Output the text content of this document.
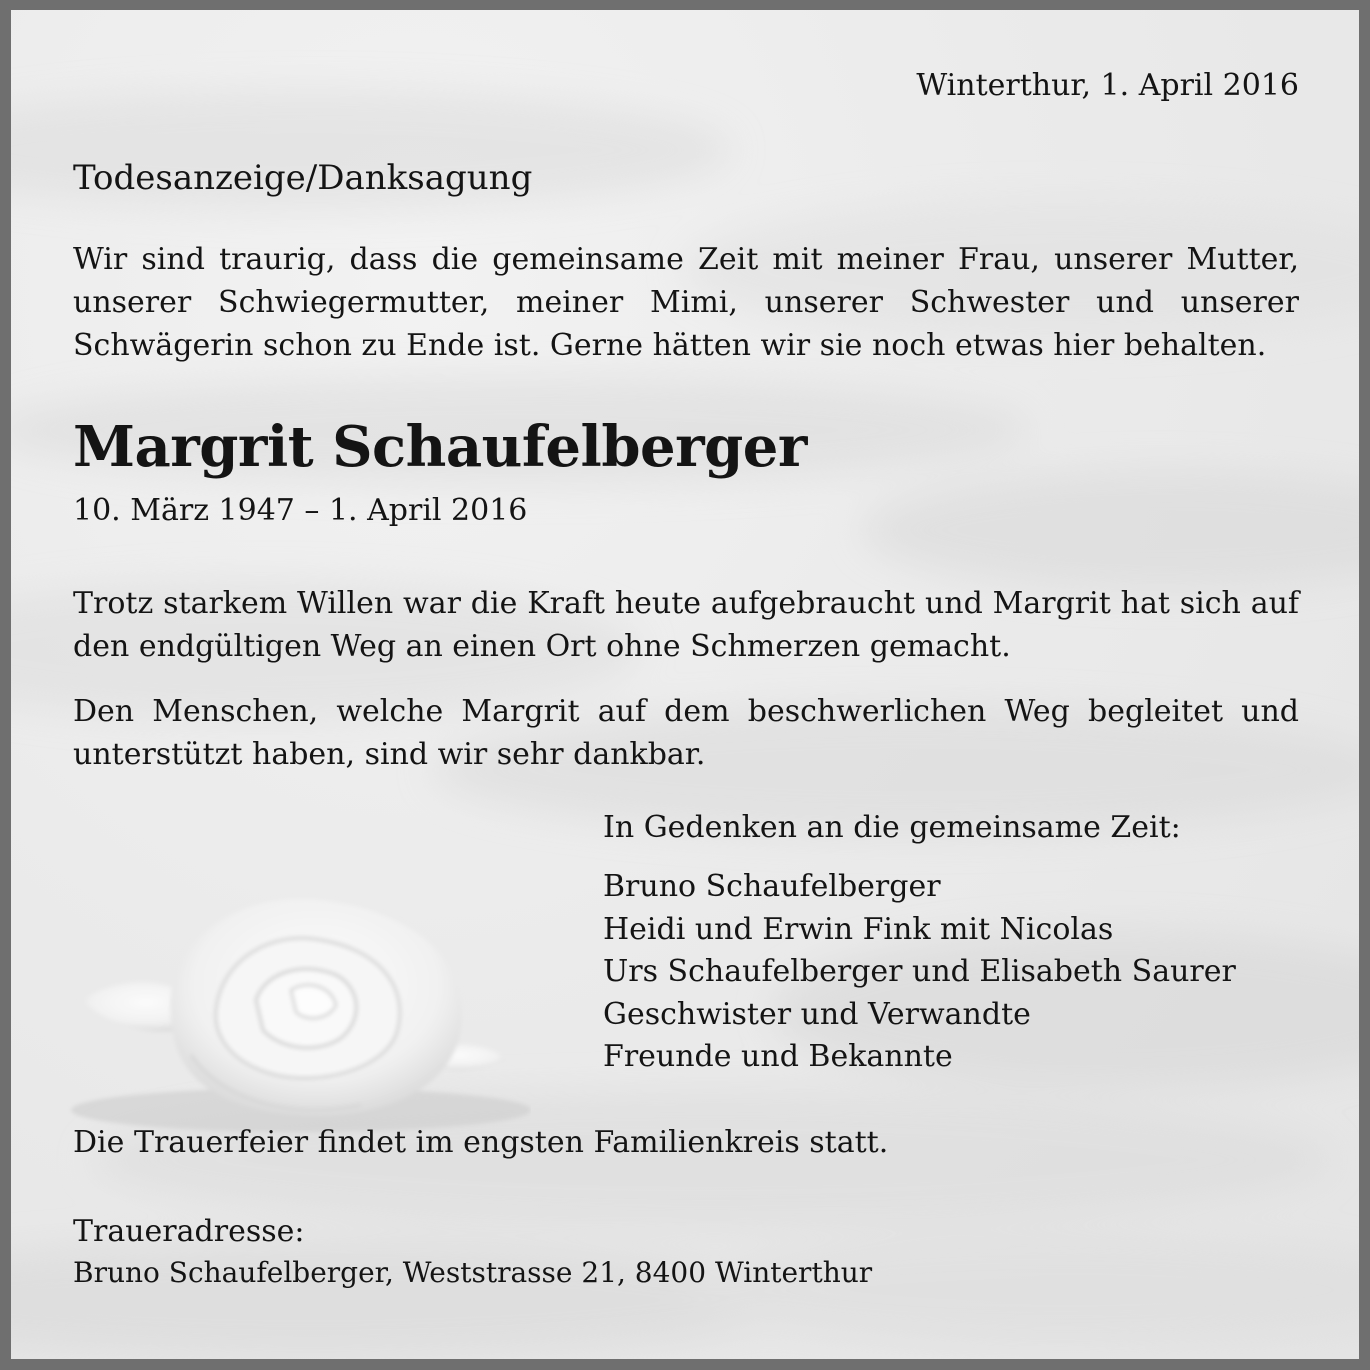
Winterthur, 1. April 2016

Todesanzeige/Danksagung

Wir sind traurig, dass die gemeinsame Zeit mit meiner Frau, unserer Mutter, unserer Schwiegermutter, meiner Mimi, unserer Schwester und unserer Schwägerin schon zu Ende ist. Gerne hätten wir sie noch etwas hier behalten.

Margrit Schaufelberger

10. März 1947 – 1. April 2016

Trotz starkem Willen war die Kraft heute aufgebraucht und Margrit hat sich auf den endgültigen Weg an einen Ort ohne Schmerzen gemacht.

Den Menschen, welche Margrit auf dem beschwerlichen Weg begleitet und unterstützt haben, sind wir sehr dankbar.

In Gedenken an die gemeinsame Zeit:

Bruno Schaufelberger
Heidi und Erwin Fink mit Nicolas
Urs Schaufelberger und Elisabeth Saurer
Geschwister und Verwandte
Freunde und Bekannte

Die Trauerfeier findet im engsten Familienkreis statt.

Traueradresse:

Bruno Schaufelberger, Weststrasse 21, 8400 Winterthur
